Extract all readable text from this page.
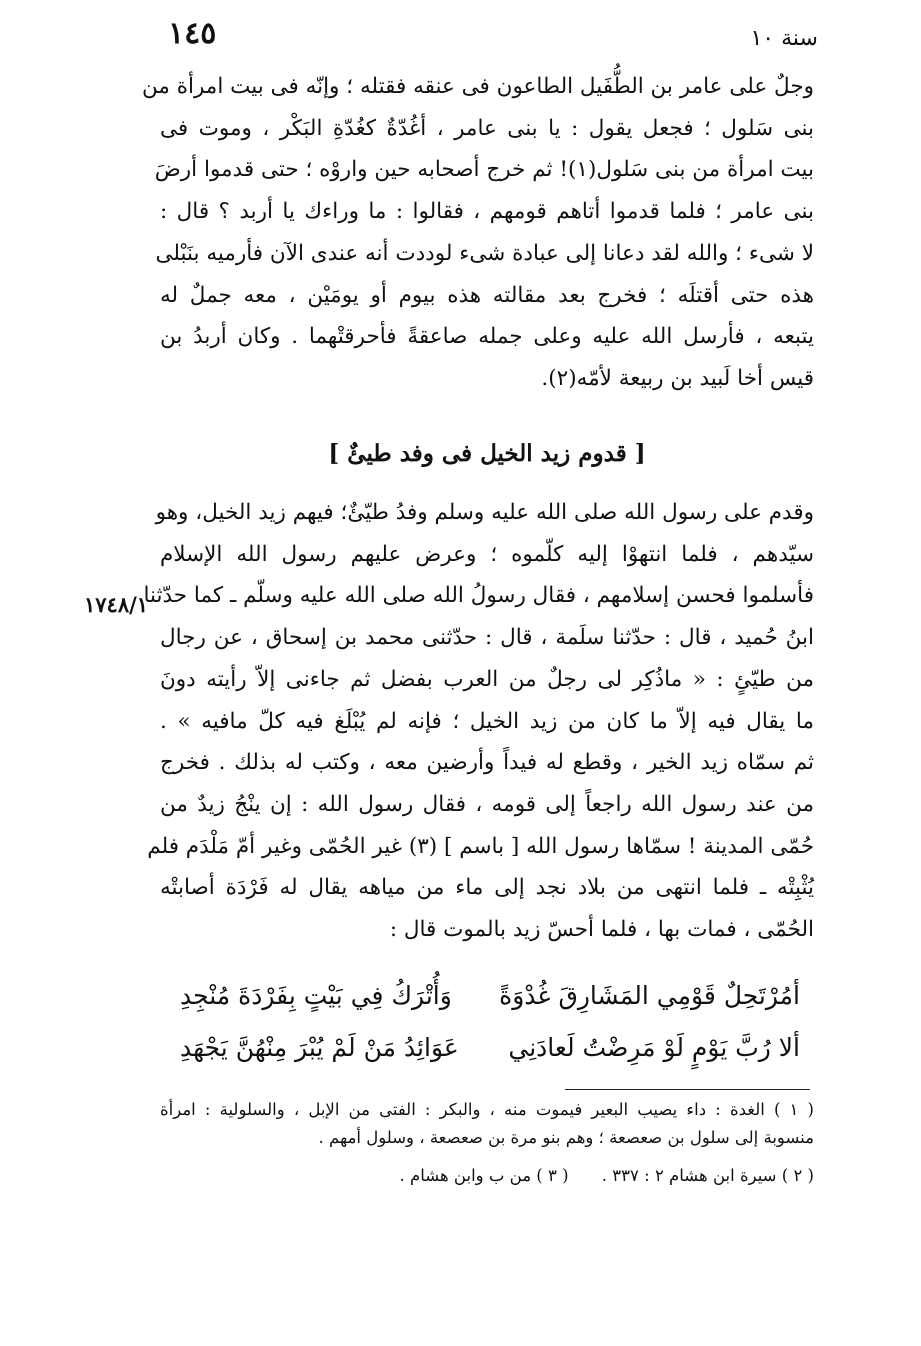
١٤٥	سنة ١٠
وجلٌ على عامر بن الطُّفَيل الطاعون فى عنقه فقتله ؛ وإنّه فى بيت امرأة من
بنى سَلول ؛ فجعل يقول : يا بنى عامر ، أغُدّةٌ كغُدّةِ البَكْر ، وموت فى
بيت امرأة من بنى سَلول(١)! ثم خرج أصحابه حين واروْه ؛ حتى قدموا أرضَ
بنى عامر ؛ فلما قدموا أتاهم قومهم ، فقالوا : ما وراءك يا أربد ؟ قال :
لا شىء ؛ والله لقد دعانا إلى عبادة شىء لوددت أنه عندى الآن فأرميه بنَبْلى
هذه حتى أقتلَه ؛ فخرج بعد مقالته هذه بيوم أو يومَيْن ، معه جملٌ له
يتبعه ، فأرسل الله عليه وعلى جمله صاعقةً فأحرقتْهما . وكان أربدُ بن
قيس أخا لَبيد بن ربيعة لأمّه(٢).
[ قدوم زيد الخيل فى وفد طيئٌ ]
١٧٤٨/١
وقدم على رسول الله صلى الله عليه وسلم وفدُ طيّئٌ؛ فيهم زيد الخيل، وهو
سيّدهم ، فلما انتهوْا إليه كلّموه ؛ وعرض عليهم رسول الله الإسلام
فأسلموا فحسن إسلامهم ، فقال رسولُ الله صلى الله عليه وسلّم ـ كما حدّثنا
ابنُ حُميد ، قال : حدّثنا سلَمة ، قال : حدّثنى محمد بن إسحاق ، عن رجال
من طيّئٍ : « ماذُكِر لى رجلٌ من العرب بفضل ثم جاءنى إلاّ رأيته دونَ
ما يقال فيه إلاّ ما كان من زيد الخيل ؛ فإنه لم يُبْلَغ فيه كلّ مافيه » .
ثم سمّاه زيد الخير ، وقطع له فيداً وأرضين معه ، وكتب له بذلك . فخرج
من عند رسول الله راجعاً إلى قومه ، فقال رسول الله : إن ينْجُ زيدٌ من
حُمّى المدينة ! سمّاها رسول الله [ باسم ] (٣) غير الحُمّى وغير أمّ مَلْدَم فلم
يُثْبِتْه ـ فلما انتهى من بلاد نجد إلى ماء من مياهه يقال له فَرْدَة أصابتْه
الحُمّى ، فمات بها ، فلما أحسّ زيد بالموت قال :
أمُرْتَحِلٌ قَوْمِي المَشَارِقَ غُدْوَةً
وَأُتْرَكُ فِي بَيْتٍ بِفَرْدَةَ مُنْجِدِ
ألا رُبَّ يَوْمٍ لَوْ مَرِضْتُ لَعادَنِي
عَوَائِدُ مَنْ لَمْ يُبْرَ مِنْهُنَّ يَجْهَدِ
( ١ ) الغدة : داء يصيب البعير فيموت منه ، والبكر : الفتى من الإبل ، والسلولية : امرأة
منسوبة إلى سلول بن صعصعة ؛ وهم بنو مرة بن صعصعة ، وسلول أمهم .
( ٢ ) سيرة ابن هشام ٢ : ٣٣٧ . ( ٣ ) من ب وابن هشام .
